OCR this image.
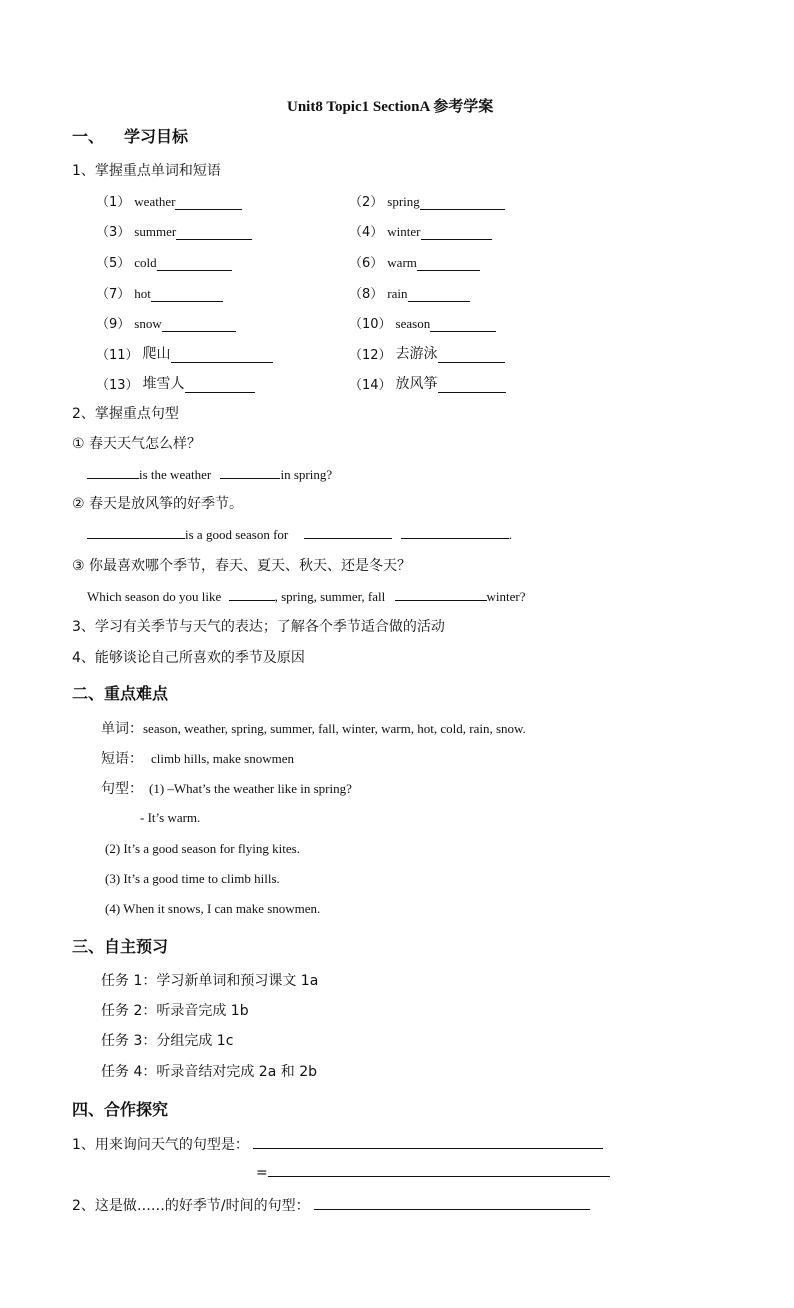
Unit8 Topic1 SectionA 参考学案
一、 学习目标
1、掌握重点单词和短语
（1） weather	（2） spring
（3） summer	（4） winter
（5） cold	（6） warm
（7） hot	（8） rain
（9） snow	（10） season
（11） 爬山	（12） 去游泳
（13） 堆雪人	（14） 放风筝
2、掌握重点句型
① 春天天气怎么样？
is the weather	in spring?
② 春天是放风筝的好季节。
is a good season for	.
③ 你最喜欢哪个季节，春天、夏天、秋天、还是冬天？
Which season do you like	, spring, summer, fall	winter?
3、学习有关季节与天气的表达；了解各个季节适合做的活动
4、能够谈论自己所喜欢的季节及原因
二、重点难点
单词：season, weather, spring, summer, fall, winter, warm, hot, cold, rain, snow.
短语： climb hills, make snowmen
句型： (1) –What’s the weather like in spring?
- It’s warm.
(2) It’s a good season for flying kites.
(3) It’s a good time to climb hills.
(4) When it snows, I can make snowmen.
三、自主预习
任务 1：学习新单词和预习课文 1a
任务 2：听录音完成 1b
任务 3：分组完成 1c
任务 4：听录音结对完成 2a 和 2b
四、合作探究
1、用来询问天气的句型是：
=
2、这是做……的好季节/时间的句型：
